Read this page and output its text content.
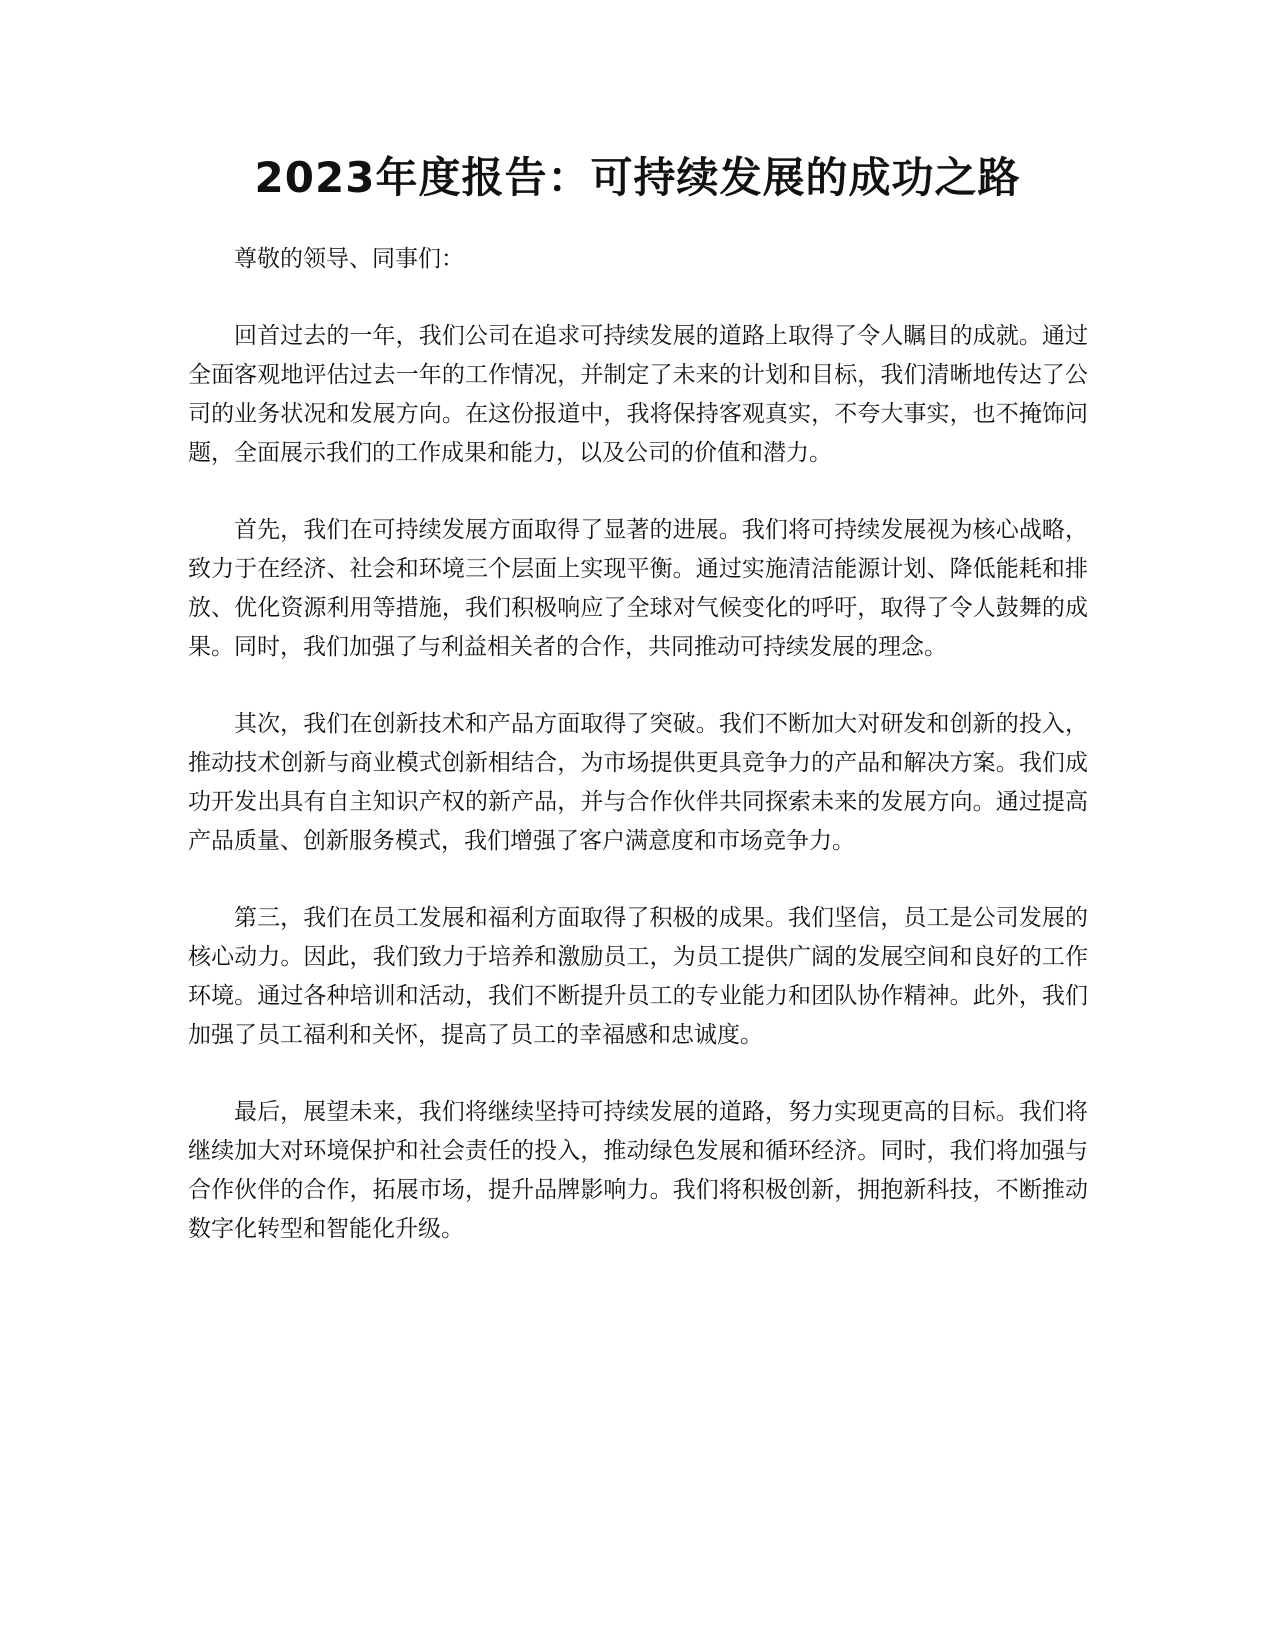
2023年度报告：可持续发展的成功之路

尊敬的领导、同事们：

回首过去的一年，我们公司在追求可持续发展的道路上取得了令人瞩目的成就。通过全面客观地评估过去一年的工作情况，并制定了未来的计划和目标，我们清晰地传达了公司的业务状况和发展方向。在这份报道中，我将保持客观真实，不夸大事实，也不掩饰问题，全面展示我们的工作成果和能力，以及公司的价值和潜力。

首先，我们在可持续发展方面取得了显著的进展。我们将可持续发展视为核心战略，致力于在经济、社会和环境三个层面上实现平衡。通过实施清洁能源计划、降低能耗和排放、优化资源利用等措施，我们积极响应了全球对气候变化的呼吁，取得了令人鼓舞的成果。同时，我们加强了与利益相关者的合作，共同推动可持续发展的理念。

其次，我们在创新技术和产品方面取得了突破。我们不断加大对研发和创新的投入，推动技术创新与商业模式创新相结合，为市场提供更具竞争力的产品和解决方案。我们成功开发出具有自主知识产权的新产品，并与合作伙伴共同探索未来的发展方向。通过提高产品质量、创新服务模式，我们增强了客户满意度和市场竞争力。

第三，我们在员工发展和福利方面取得了积极的成果。我们坚信，员工是公司发展的核心动力。因此，我们致力于培养和激励员工，为员工提供广阔的发展空间和良好的工作环境。通过各种培训和活动，我们不断提升员工的专业能力和团队协作精神。此外，我们加强了员工福利和关怀，提高了员工的幸福感和忠诚度。

最后，展望未来，我们将继续坚持可持续发展的道路，努力实现更高的目标。我们将继续加大对环境保护和社会责任的投入，推动绿色发展和循环经济。同时，我们将加强与合作伙伴的合作，拓展市场，提升品牌影响力。我们将积极创新，拥抱新科技，不断推动数字化转型和智能化升级。
